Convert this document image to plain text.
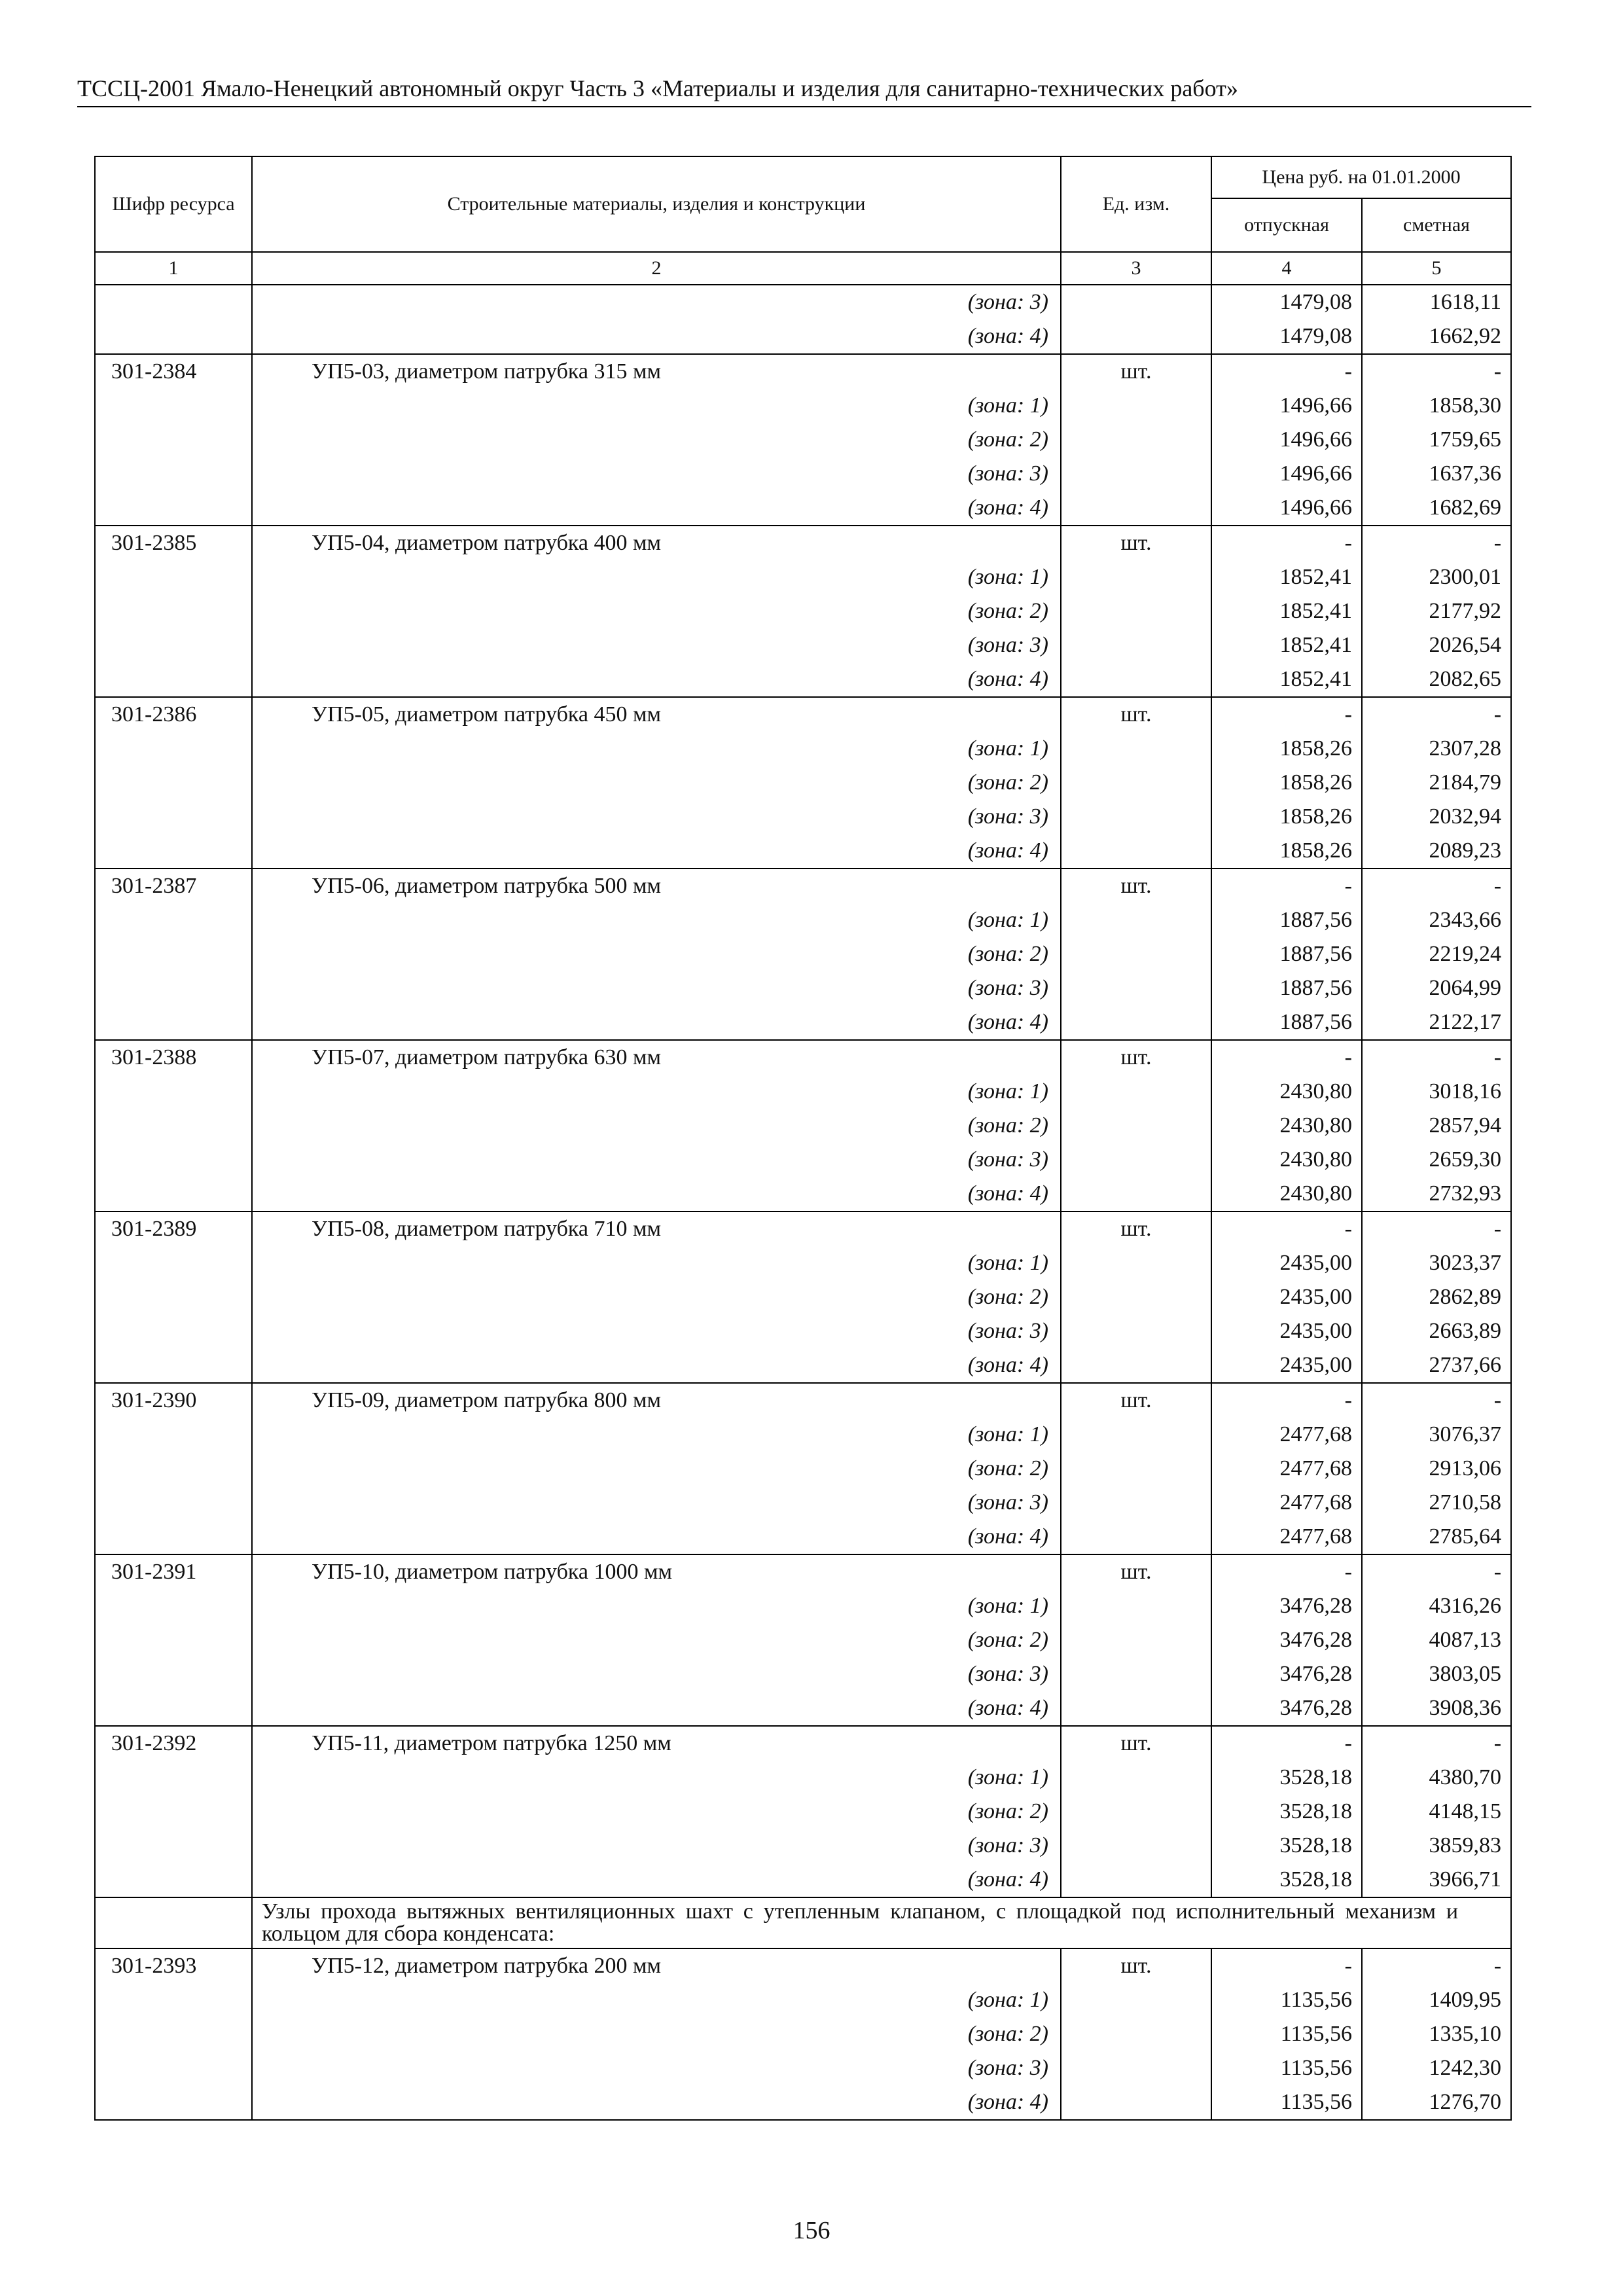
ТССЦ-2001 Ямало-Ненецкий автономный округ Часть 3 «Материалы и изделия для санитарно-технических работ»
Шифр ресурса	Строительные материалы, изделия и конструкции	Ед. изм.	Цена руб. на 01.01.2000	
			отпускная	сметная
1	2	3	4	5
	(зона: 3)		1479,08	1618,11
	(зона: 4)		1479,08	1662,92
301-2384	УП5-03, диаметром патрубка 315 мм	шт.	-	-
	(зона: 1)		1496,66	1858,30
	(зона: 2)		1496,66	1759,65
	(зона: 3)		1496,66	1637,36
	(зона: 4)		1496,66	1682,69
301-2385	УП5-04, диаметром патрубка 400 мм	шт.	-	-
	(зона: 1)		1852,41	2300,01
	(зона: 2)		1852,41	2177,92
	(зона: 3)		1852,41	2026,54
	(зона: 4)		1852,41	2082,65
301-2386	УП5-05, диаметром патрубка 450 мм	шт.	-	-
	(зона: 1)		1858,26	2307,28
	(зона: 2)		1858,26	2184,79
	(зона: 3)		1858,26	2032,94
	(зона: 4)		1858,26	2089,23
301-2387	УП5-06, диаметром патрубка 500 мм	шт.	-	-
	(зона: 1)		1887,56	2343,66
	(зона: 2)		1887,56	2219,24
	(зона: 3)		1887,56	2064,99
	(зона: 4)		1887,56	2122,17
301-2388	УП5-07, диаметром патрубка 630 мм	шт.	-	-
	(зона: 1)		2430,80	3018,16
	(зона: 2)		2430,80	2857,94
	(зона: 3)		2430,80	2659,30
	(зона: 4)		2430,80	2732,93
301-2389	УП5-08, диаметром патрубка 710 мм	шт.	-	-
	(зона: 1)		2435,00	3023,37
	(зона: 2)		2435,00	2862,89
	(зона: 3)		2435,00	2663,89
	(зона: 4)		2435,00	2737,66
301-2390	УП5-09, диаметром патрубка 800 мм	шт.	-	-
	(зона: 1)		2477,68	3076,37
	(зона: 2)		2477,68	2913,06
	(зона: 3)		2477,68	2710,58
	(зона: 4)		2477,68	2785,64
301-2391	УП5-10, диаметром патрубка 1000 мм	шт.	-	-
	(зона: 1)		3476,28	4316,26
	(зона: 2)		3476,28	4087,13
	(зона: 3)		3476,28	3803,05
	(зона: 4)		3476,28	3908,36
301-2392	УП5-11, диаметром патрубка 1250 мм	шт.	-	-
	(зона: 1)		3528,18	4380,70
	(зона: 2)		3528,18	4148,15
	(зона: 3)		3528,18	3859,83
	(зона: 4)		3528,18	3966,71
	Узлы прохода вытяжных вентиляционных шахт с утепленным клапаном, с площадкой под исполнительный механизм и кольцом для сбора конденсата:			
301-2393	УП5-12, диаметром патрубка 200 мм	шт.	-	-
	(зона: 1)		1135,56	1409,95
	(зона: 2)		1135,56	1335,10
	(зона: 3)		1135,56	1242,30
	(зона: 4)		1135,56	1276,70
156
